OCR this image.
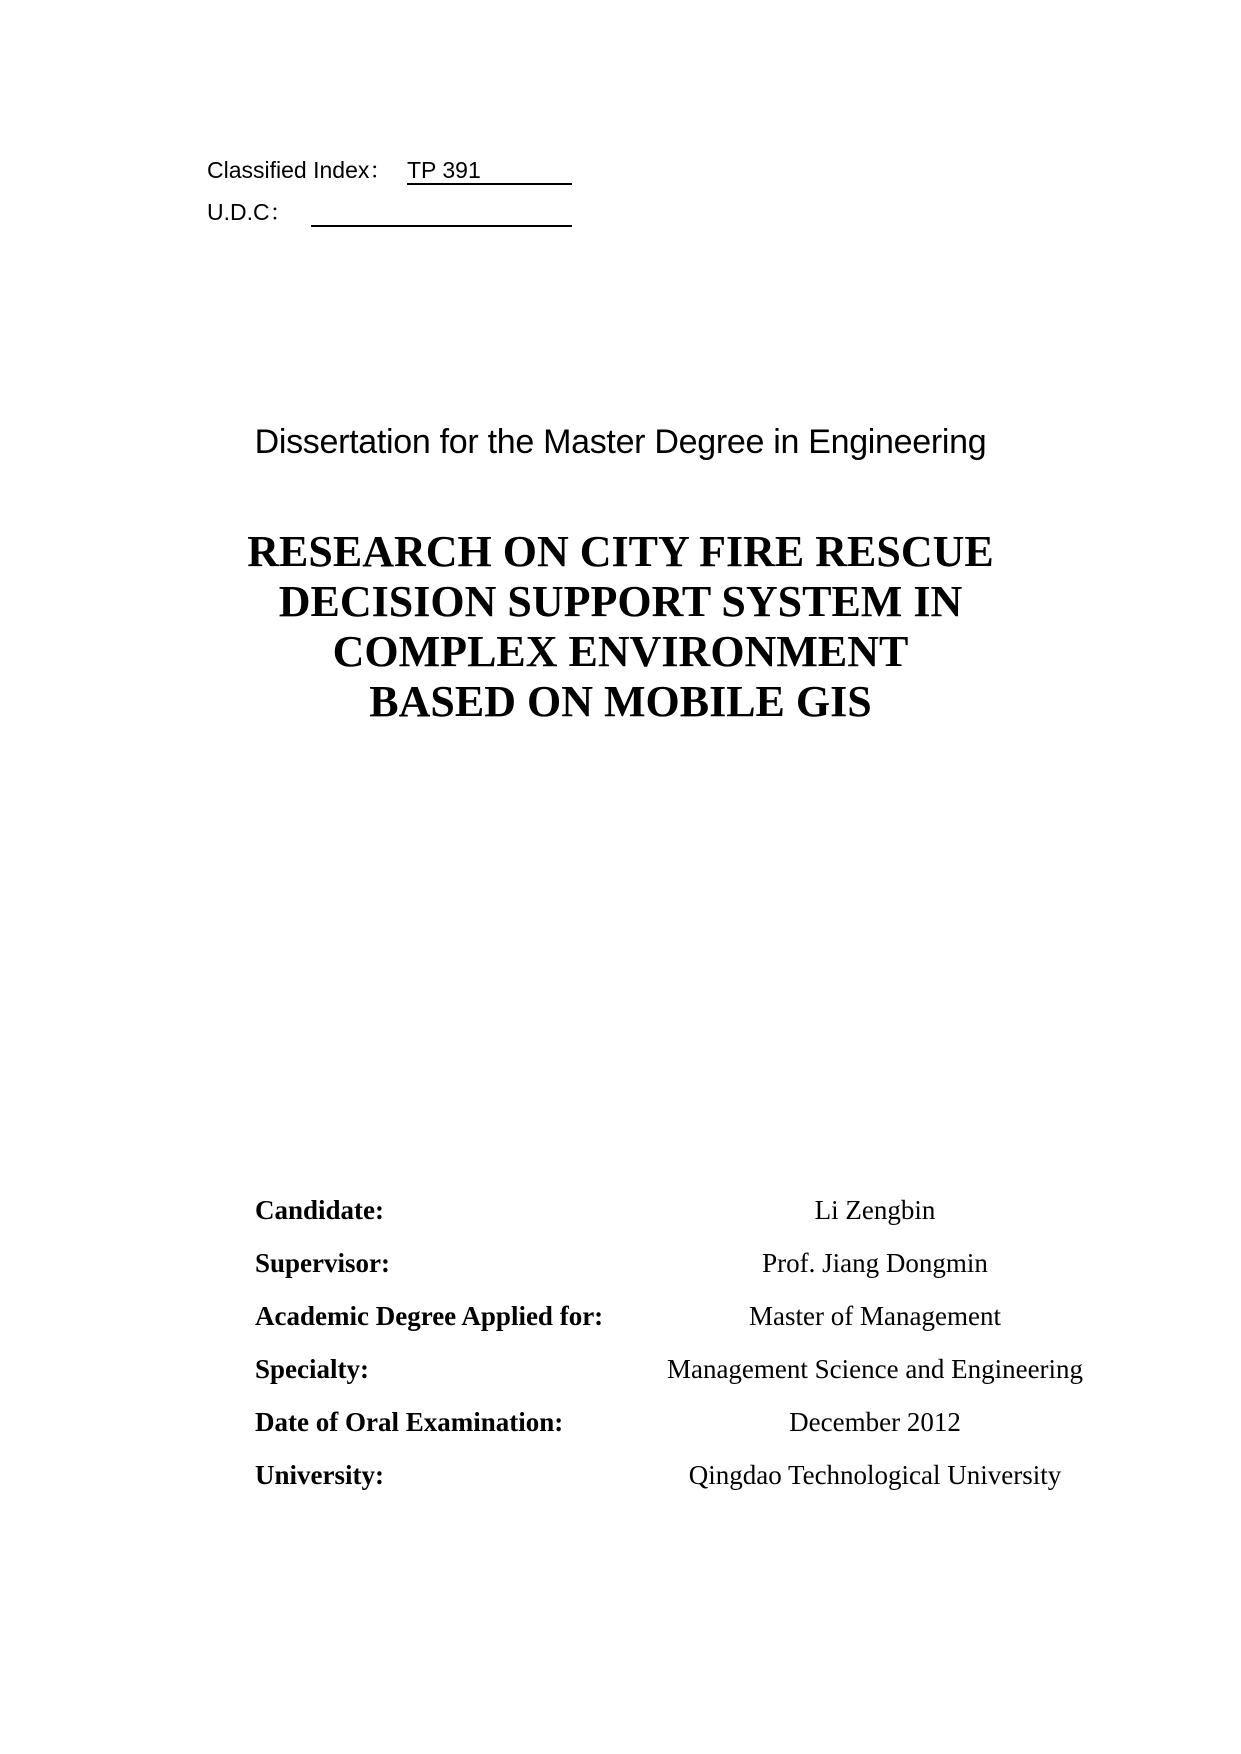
Classified Index： TP 391
U.D.C：
Dissertation for the Master Degree in Engineering
RESEARCH ON CITY FIRE RESCUE
DECISION SUPPORT SYSTEM IN
COMPLEX ENVIRONMENT
BASED ON MOBILE GIS
Candidate:	Li Zengbin
Supervisor:	Prof. Jiang Dongmin
Academic Degree Applied for:	Master of Management
Specialty:	Management Science and Engineering
Date of Oral Examination:	December 2012
University:	Qingdao Technological University
